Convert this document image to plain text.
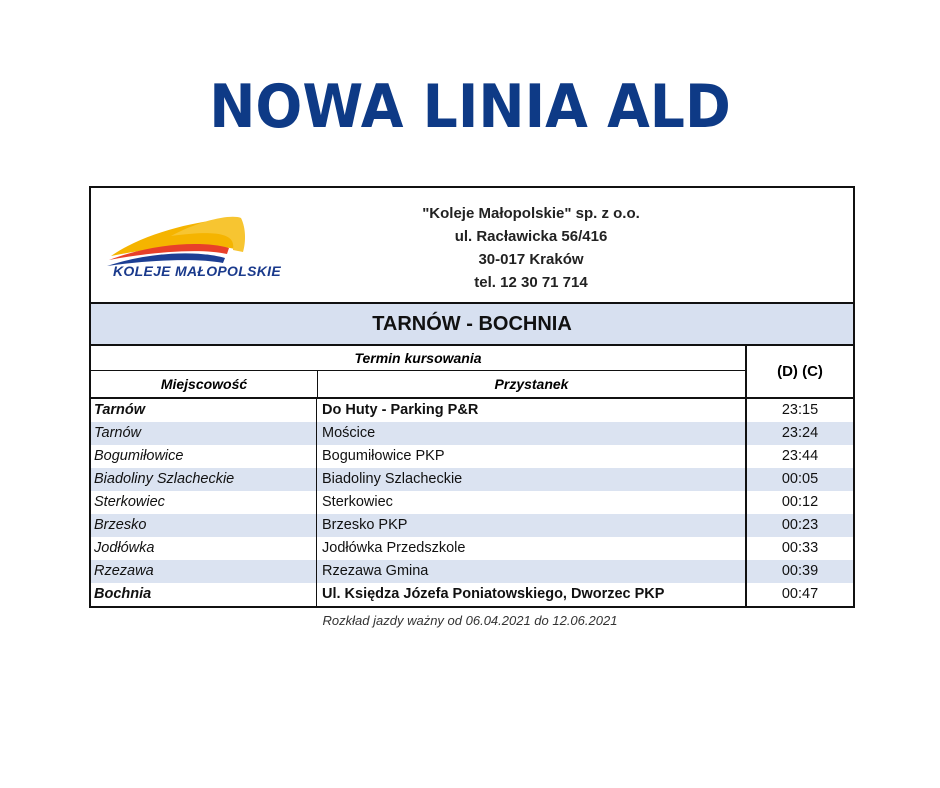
NOWA LINIA ALD
KOLEJE MAŁOPOLSKIE
"Koleje Małopolskie" sp. z o.o.
ul. Racławicka 56/416
30-017 Kraków
tel. 12 30 71 714
TARNÓW - BOCHNIA
Termin kursowania
Miejscowość	Przystanek
(D) (C)
Tarnów	Do Huty - Parking P&R	23:15
Tarnów	Mościce	23:24
Bogumiłowice	Bogumiłowice PKP	23:44
Biadoliny Szlacheckie	Biadoliny Szlacheckie	00:05
Sterkowiec	Sterkowiec	00:12
Brzesko	Brzesko PKP	00:23
Jodłówka	Jodłówka Przedszkole	00:33
Rzezawa	Rzezawa Gmina	00:39
Bochnia	Ul. Księdza Józefa Poniatowskiego, Dworzec PKP	00:47
Rozkład jazdy ważny od 06.04.2021 do 12.06.2021
